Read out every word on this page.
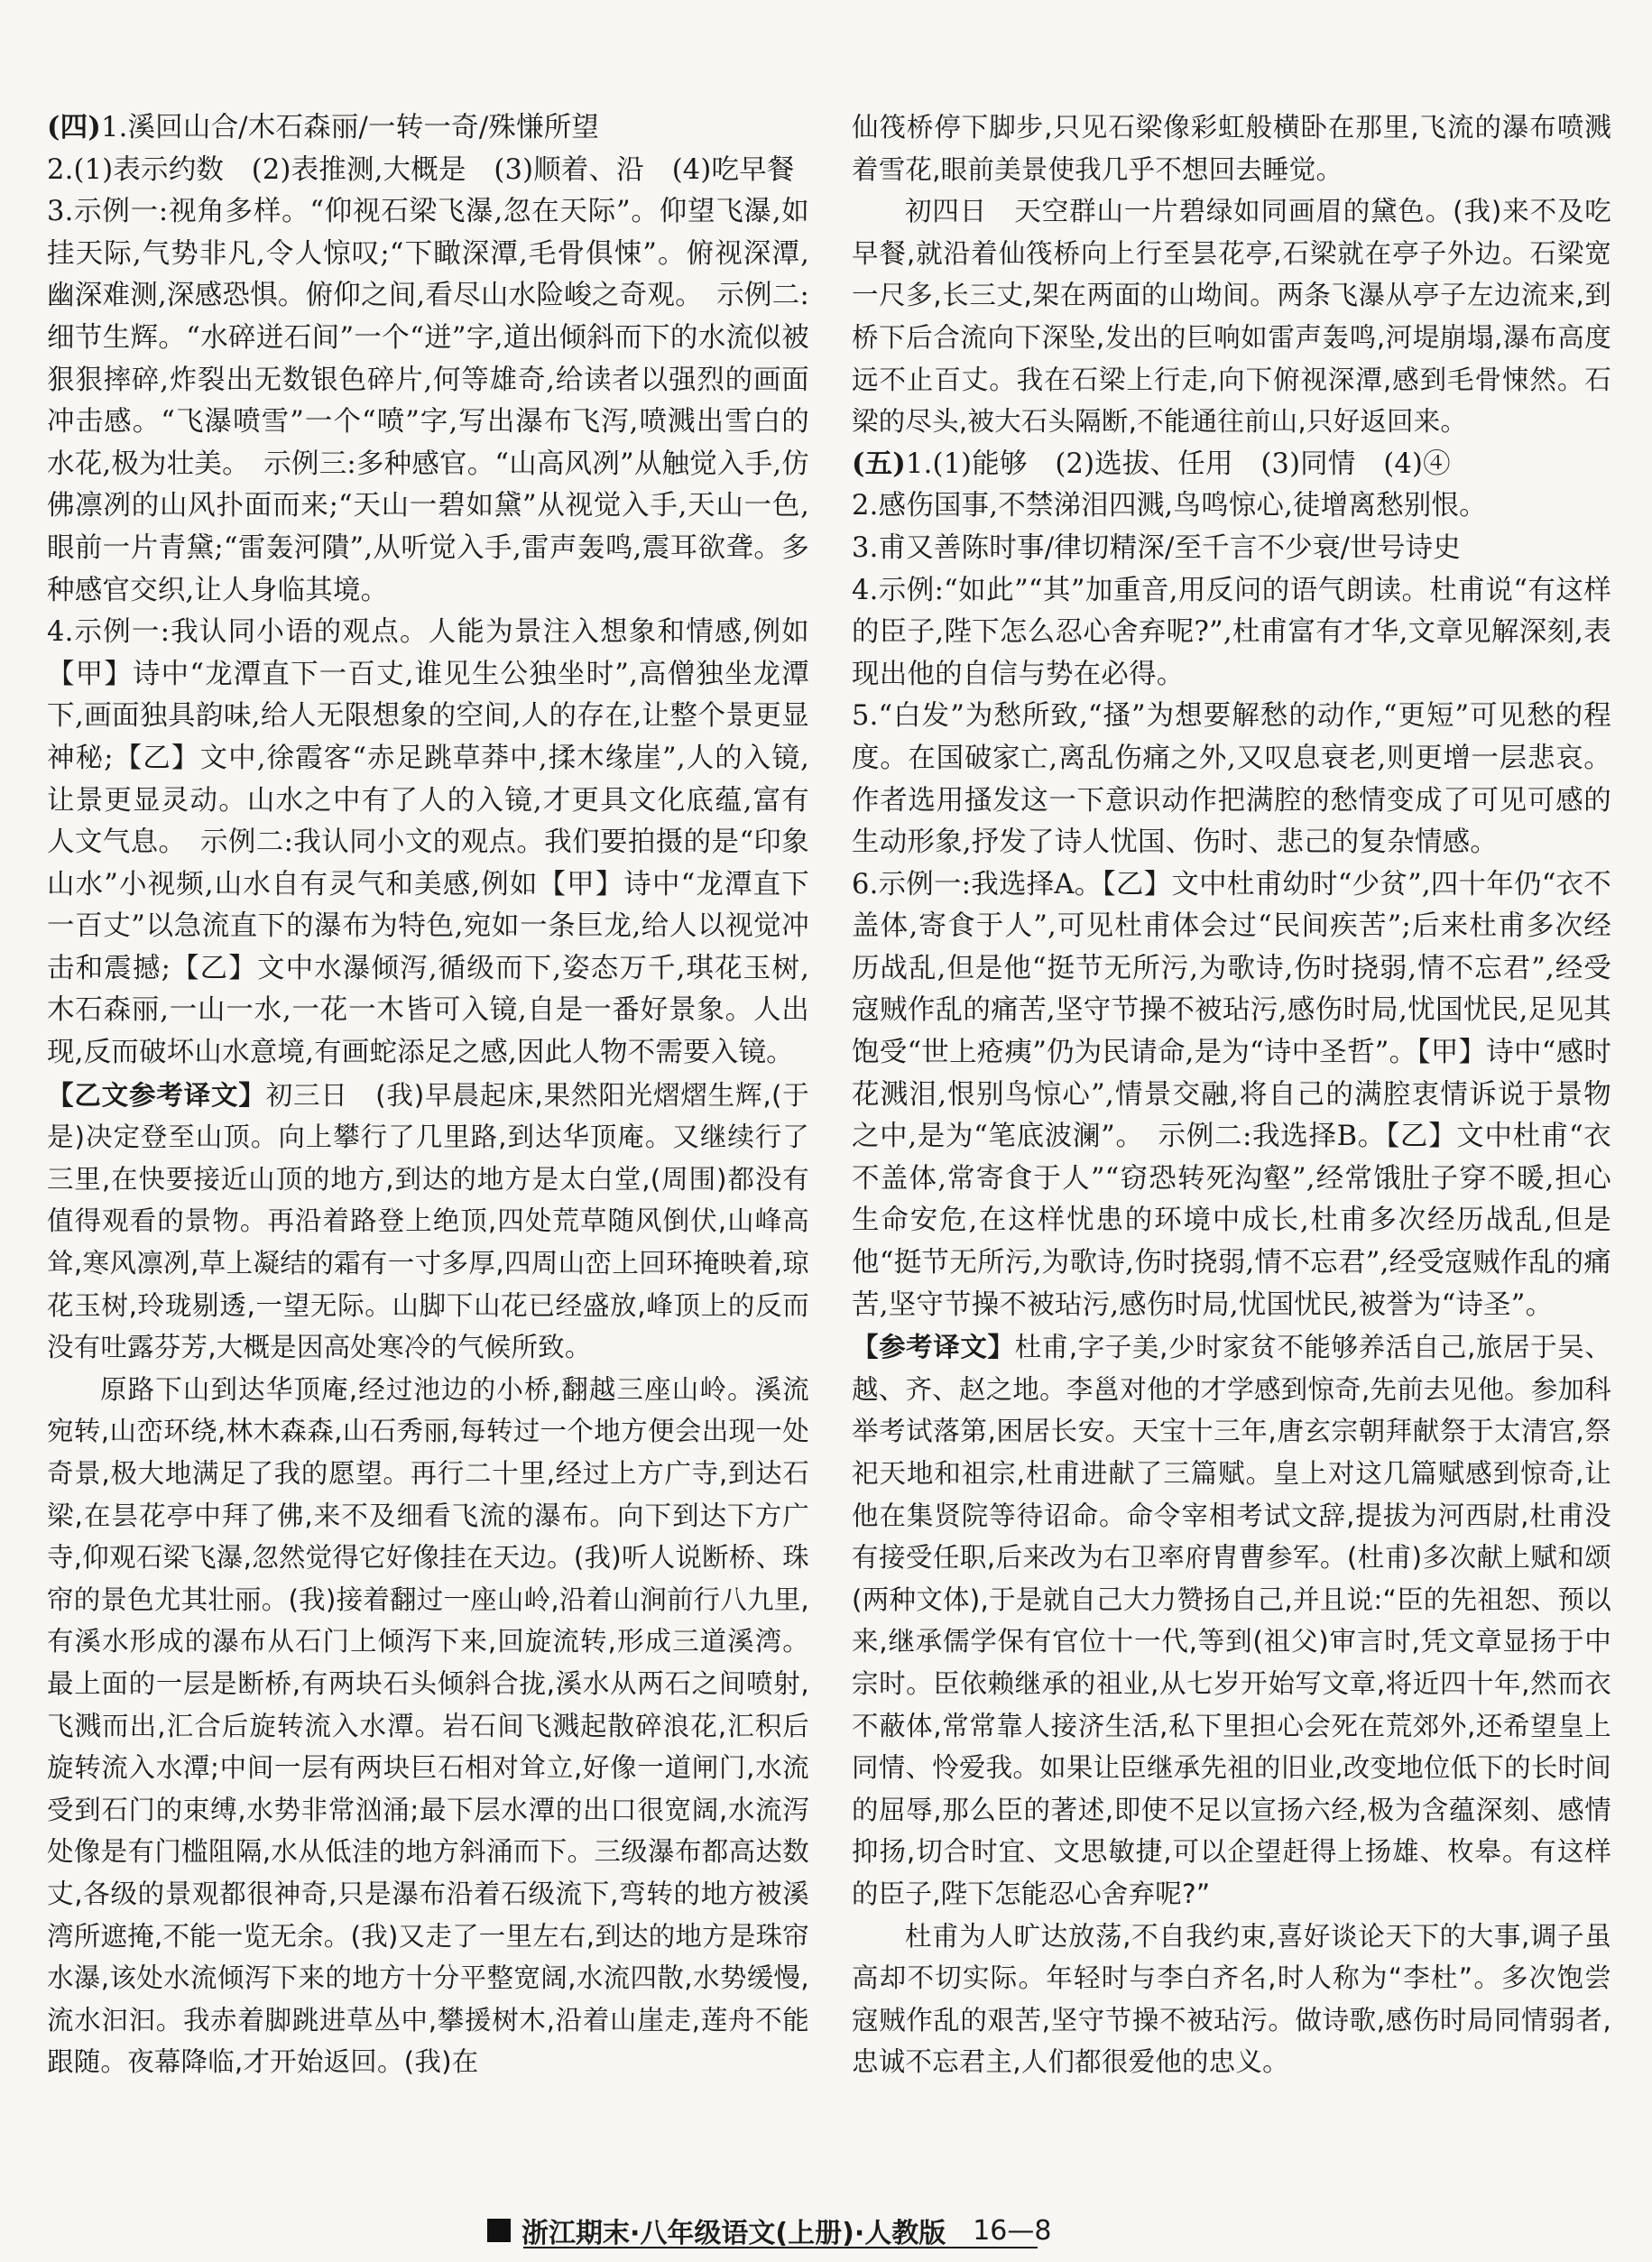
(四)1.溪回山合/木石森丽/一转一奇/殊慊所望

2.(1)表示约数　(2)表推测,大概是　(3)顺着、沿　(4)吃早餐

3.示例一:视角多样。“仰视石梁飞瀑,忽在天际”。仰望飞瀑,如挂天际,气势非凡,令人惊叹;“下瞰深潭,毛骨俱悚”。俯视深潭,幽深难测,深感恐惧。俯仰之间,看尽山水险峻之奇观。　示例二:细节生辉。“水碎迸石间”一个“迸”字,道出倾斜而下的水流似被狠狠摔碎,炸裂出无数银色碎片,何等雄奇,给读者以强烈的画面冲击感。“飞瀑喷雪”一个“喷”字,写出瀑布飞泻,喷溅出雪白的水花,极为壮美。　示例三:多种感官。“山高风冽”从触觉入手,仿佛凛冽的山风扑面而来;“天山一碧如黛”从视觉入手,天山一色,眼前一片青黛;“雷轰河隤”,从听觉入手,雷声轰鸣,震耳欲聋。多种感官交织,让人身临其境。

4.示例一:我认同小语的观点。人能为景注入想象和情感,例如【甲】诗中“龙潭直下一百丈,谁见生公独坐时”,高僧独坐龙潭下,画面独具韵味,给人无限想象的空间,人的存在,让整个景更显神秘;【乙】文中,徐霞客“赤足跳草莽中,揉木缘崖”,人的入镜,让景更显灵动。山水之中有了人的入镜,才更具文化底蕴,富有人文气息。　示例二:我认同小文的观点。我们要拍摄的是“印象山水”小视频,山水自有灵气和美感,例如【甲】诗中“龙潭直下一百丈”以急流直下的瀑布为特色,宛如一条巨龙,给人以视觉冲击和震撼;【乙】文中水瀑倾泻,循级而下,姿态万千,琪花玉树,木石森丽,一山一水,一花一木皆可入镜,自是一番好景象。人出现,反而破坏山水意境,有画蛇添足之感,因此人物不需要入镜。

【乙文参考译文】初三日　(我)早晨起床,果然阳光熠熠生辉,(于是)决定登至山顶。向上攀行了几里路,到达华顶庵。又继续行了三里,在快要接近山顶的地方,到达的地方是太白堂,(周围)都没有值得观看的景物。再沿着路登上绝顶,四处荒草随风倒伏,山峰高耸,寒风凛冽,草上凝结的霜有一寸多厚,四周山峦上回环掩映着,琼花玉树,玲珑剔透,一望无际。山脚下山花已经盛放,峰顶上的反而没有吐露芬芳,大概是因高处寒冷的气候所致。

原路下山到达华顶庵,经过池边的小桥,翻越三座山岭。溪流宛转,山峦环绕,林木森森,山石秀丽,每转过一个地方便会出现一处奇景,极大地满足了我的愿望。再行二十里,经过上方广寺,到达石梁,在昙花亭中拜了佛,来不及细看飞流的瀑布。向下到达下方广寺,仰观石梁飞瀑,忽然觉得它好像挂在天边。(我)听人说断桥、珠帘的景色尤其壮丽。(我)接着翻过一座山岭,沿着山涧前行八九里,有溪水形成的瀑布从石门上倾泻下来,回旋流转,形成三道溪湾。最上面的一层是断桥,有两块石头倾斜合拢,溪水从两石之间喷射,飞溅而出,汇合后旋转流入水潭。岩石间飞溅起散碎浪花,汇积后旋转流入水潭;中间一层有两块巨石相对耸立,好像一道闸门,水流受到石门的束缚,水势非常汹涌;最下层水潭的出口很宽阔,水流泻处像是有门槛阻隔,水从低洼的地方斜涌而下。三级瀑布都高达数丈,各级的景观都很神奇,只是瀑布沿着石级流下,弯转的地方被溪湾所遮掩,不能一览无余。(我)又走了一里左右,到达的地方是珠帘水瀑,该处水流倾泻下来的地方十分平整宽阔,水流四散,水势缓慢,流水汩汩。我赤着脚跳进草丛中,攀援树木,沿着山崖走,莲舟不能跟随。夜幕降临,才开始返回。(我)在

仙筏桥停下脚步,只见石梁像彩虹般横卧在那里,飞流的瀑布喷溅着雪花,眼前美景使我几乎不想回去睡觉。

初四日　天空群山一片碧绿如同画眉的黛色。(我)来不及吃早餐,就沿着仙筏桥向上行至昙花亭,石梁就在亭子外边。石梁宽一尺多,长三丈,架在两面的山坳间。两条飞瀑从亭子左边流来,到桥下后合流向下深坠,发出的巨响如雷声轰鸣,河堤崩塌,瀑布高度远不止百丈。我在石梁上行走,向下俯视深潭,感到毛骨悚然。石梁的尽头,被大石头隔断,不能通往前山,只好返回来。

(五)1.(1)能够　(2)选拔、任用　(3)同情　(4)④

2.感伤国事,不禁涕泪四溅,鸟鸣惊心,徒增离愁别恨。

3.甫又善陈时事/律切精深/至千言不少衰/世号诗史

4.示例:“如此”“其”加重音,用反问的语气朗读。杜甫说“有这样的臣子,陛下怎么忍心舍弃呢?”,杜甫富有才华,文章见解深刻,表现出他的自信与势在必得。

5.“白发”为愁所致,“搔”为想要解愁的动作,“更短”可见愁的程度。在国破家亡,离乱伤痛之外,又叹息衰老,则更增一层悲哀。作者选用搔发这一下意识动作把满腔的愁情变成了可见可感的生动形象,抒发了诗人忧国、伤时、悲己的复杂情感。

6.示例一:我选择A。【乙】文中杜甫幼时“少贫”,四十年仍“衣不盖体,寄食于人”,可见杜甫体会过“民间疾苦”;后来杜甫多次经历战乱,但是他“挺节无所污,为歌诗,伤时挠弱,情不忘君”,经受寇贼作乱的痛苦,坚守节操不被玷污,感伤时局,忧国忧民,足见其饱受“世上疮痍”仍为民请命,是为“诗中圣哲”。【甲】诗中“感时花溅泪,恨别鸟惊心”,情景交融,将自己的满腔衷情诉说于景物之中,是为“笔底波澜”。　示例二:我选择B。【乙】文中杜甫“衣不盖体,常寄食于人”“窃恐转死沟壑”,经常饿肚子穿不暖,担心生命安危,在这样忧患的环境中成长,杜甫多次经历战乱,但是他“挺节无所污,为歌诗,伤时挠弱,情不忘君”,经受寇贼作乱的痛苦,坚守节操不被玷污,感伤时局,忧国忧民,被誉为“诗圣”。

【参考译文】杜甫,字子美,少时家贫不能够养活自己,旅居于吴、越、齐、赵之地。李邕对他的才学感到惊奇,先前去见他。参加科举考试落第,困居长安。天宝十三年,唐玄宗朝拜献祭于太清宫,祭祀天地和祖宗,杜甫进献了三篇赋。皇上对这几篇赋感到惊奇,让他在集贤院等待诏命。命令宰相考试文辞,提拔为河西尉,杜甫没有接受任职,后来改为右卫率府胄曹参军。(杜甫)多次献上赋和颂(两种文体),于是就自己大力赞扬自己,并且说:“臣的先祖恕、预以来,继承儒学保有官位十一代,等到(祖父)审言时,凭文章显扬于中宗时。臣依赖继承的祖业,从七岁开始写文章,将近四十年,然而衣不蔽体,常常靠人接济生活,私下里担心会死在荒郊外,还希望皇上同情、怜爱我。如果让臣继承先祖的旧业,改变地位低下的长时间的屈辱,那么臣的著述,即使不足以宣扬六经,极为含蕴深刻、感情抑扬,切合时宜、文思敏捷,可以企望赶得上扬雄、枚皋。有这样的臣子,陛下怎能忍心舍弃呢?”

杜甫为人旷达放荡,不自我约束,喜好谈论天下的大事,调子虽高却不切实际。年轻时与李白齐名,时人称为“李杜”。多次饱尝寇贼作乱的艰苦,坚守节操不被玷污。做诗歌,感伤时局同情弱者,忠诚不忘君主,人们都很爱他的忠义。

浙江期末·八年级语文(上册)·人教版 16—8
